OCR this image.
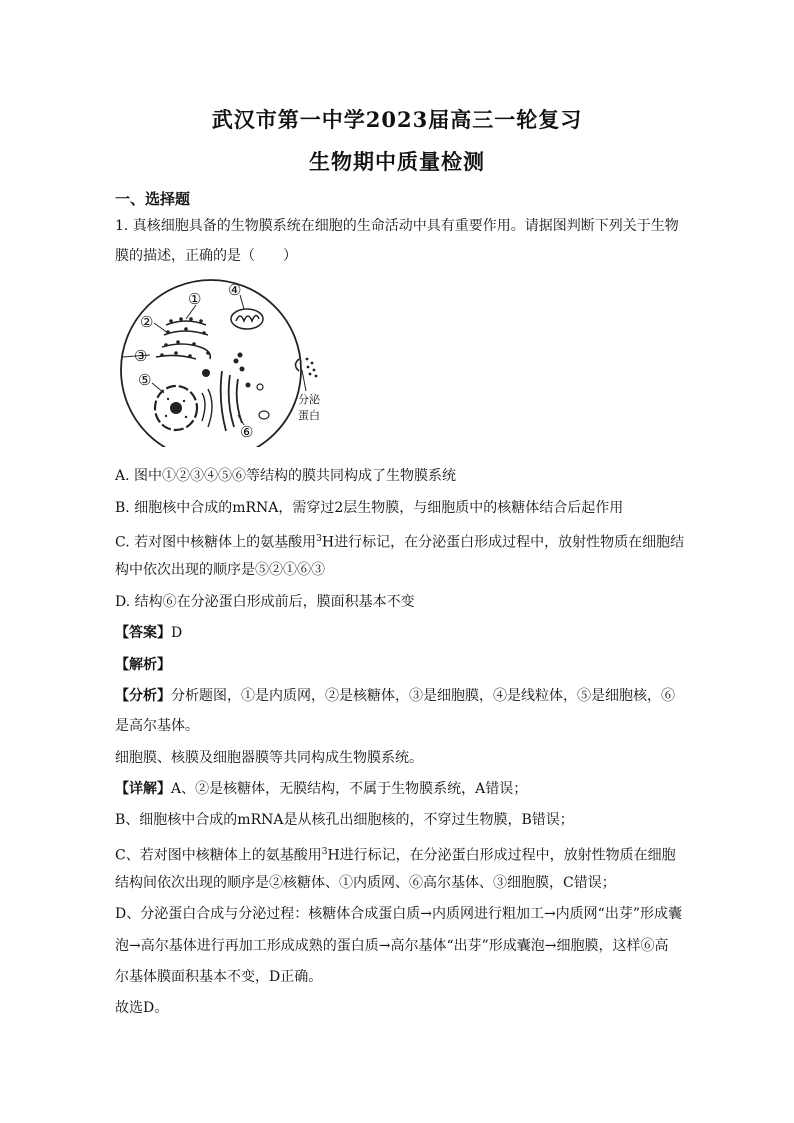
武汉市第一中学2023届高三一轮复习
生物期中质量检测
一、选择题
1. 真核细胞具备的生物膜系统在细胞的生命活动中具有重要作用。请据图判断下列关于生物
膜的描述，正确的是（　　）
①
②
③
④
⑤
⑥
分泌
蛋白
A. 图中①②③④⑤⑥等结构的膜共同构成了生物膜系统
B. 细胞核中合成的mRNA，需穿过2层生物膜，与细胞质中的核糖体结合后起作用
C. 若对图中核糖体上的氨基酸用$^3$H进行标记，在分泌蛋白形成过程中，放射性物质在细胞结
构中依次出现的顺序是⑤②①⑥③
D. 结构⑥在分泌蛋白形成前后，膜面积基本不变
【答案】D
【解析】
【分析】分析题图，①是内质网，②是核糖体，③是细胞膜，④是线粒体，⑤是细胞核，⑥
是高尔基体。
细胞膜、核膜及细胞器膜等共同构成生物膜系统。
【详解】A、②是核糖体，无膜结构，不属于生物膜系统，A错误；
B、细胞核中合成的mRNA是从核孔出细胞核的，不穿过生物膜，B错误；
C、若对图中核糖体上的氨基酸用$^3$H进行标记，在分泌蛋白形成过程中，放射性物质在细胞
结构间依次出现的顺序是②核糖体、①内质网、⑥高尔基体、③细胞膜，C错误；
D、分泌蛋白合成与分泌过程：核糖体合成蛋白质→内质网进行粗加工→内质网“出芽”形成囊
泡→高尔基体进行再加工形成成熟的蛋白质→高尔基体“出芽”形成囊泡→细胞膜，这样⑥高
尔基体膜面积基本不变，D正确。
故选D。
